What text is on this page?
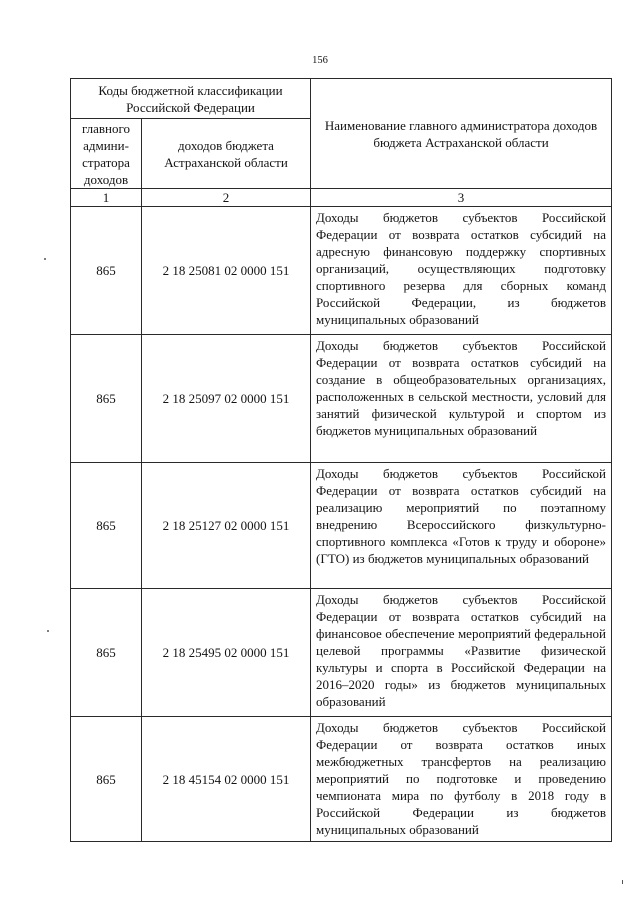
156
Коды бюджетной классификации Российской Федерации		Наименование главного администратора доходов бюджета Астраханской области
главного админи- стратора доходов	доходов бюджета Астраханской области	
1	2	3
865	2 18 25081 02 0000 151	Доходы бюджетов субъектов Российской Федерации от возврата остатков субсидий на адресную финансовую поддержку спортивных организаций, осуществляющих подготовку спортивного резерва для сборных команд Российской Федерации, из бюджетов муниципальных образований
865	2 18 25097 02 0000 151	Доходы бюджетов субъектов Российской Федерации от возврата остатков субсидий на создание в общеобразовательных организациях, расположенных в сельской местности, условий для занятий физической культурой и спортом из бюджетов муниципальных образований
865	2 18 25127 02 0000 151	Доходы бюджетов субъектов Российской Федерации от возврата остатков субсидий на реализацию мероприятий по поэтапному внедрению Всероссийского физкультурно-спортивного комплекса «Готов к труду и обороне» (ГТО) из бюджетов муниципальных образований
865	2 18 25495 02 0000 151	Доходы бюджетов субъектов Российской Федерации от возврата остатков субсидий на финансовое обеспечение мероприятий федеральной целевой программы «Развитие физической культуры и спорта в Российской Федерации на 2016–2020 годы» из бюджетов муниципальных образований
865	2 18 45154 02 0000 151	Доходы бюджетов субъектов Российской Федерации от возврата остатков иных межбюджетных трансфертов на реализацию мероприятий по подготовке и проведению чемпионата мира по футболу в 2018 году в Российской Федерации из бюджетов муниципальных образований
